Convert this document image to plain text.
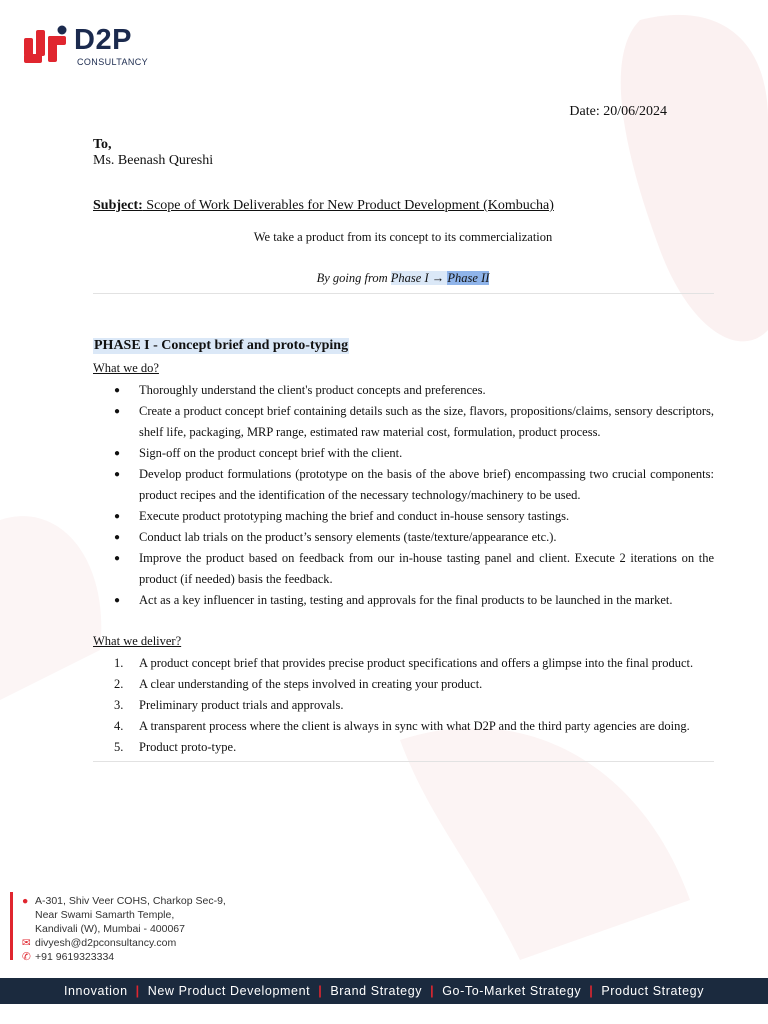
D2P
CONSULTANCY
Date: 20/06/2024
To,
Ms. Beenash Qureshi
Subject: Scope of Work Deliverables for New Product Development (Kombucha)
We take a product from its concept to its commercialization
By going from Phase I → Phase II
PHASE I - Concept brief and proto-typing
What we do?
● Thoroughly understand the client's product concepts and preferences.
● Create a product concept brief containing details such as the size, flavors, propositions/claims, sensory descriptors, shelf life, packaging, MRP range, estimated raw material cost, formulation, product process.
● Sign-off on the product concept brief with the client.
● Develop product formulations (prototype on the basis of the above brief) encompassing two crucial components: product recipes and the identification of the necessary technology/machinery to be used.
● Execute product prototyping maching the brief and conduct in-house sensory tastings.
● Conduct lab trials on the product’s sensory elements (taste/texture/appearance etc.).
● Improve the product based on feedback from our in-house tasting panel and client. Execute 2 iterations on the product (if needed) basis the feedback.
● Act as a key influencer in tasting, testing and approvals for the final products to be launched in the market.
What we deliver?
1. A product concept brief that provides precise product specifications and offers a glimpse into the final product.
2. A clear understanding of the steps involved in creating your product.
3. Preliminary product trials and approvals.
4. A transparent process where the client is always in sync with what D2P and the third party agencies are doing.
5. Product proto-type.
● A-301, Shiv Veer COHS, Charkop Sec-9,
Near Swami Samarth Temple,
Kandivali (W), Mumbai - 400067
✉ divyesh@d2pconsultancy.com
✆ +91 9619323334
Innovation | New Product Development | Brand Strategy | Go-To-Market Strategy | Product Strategy
